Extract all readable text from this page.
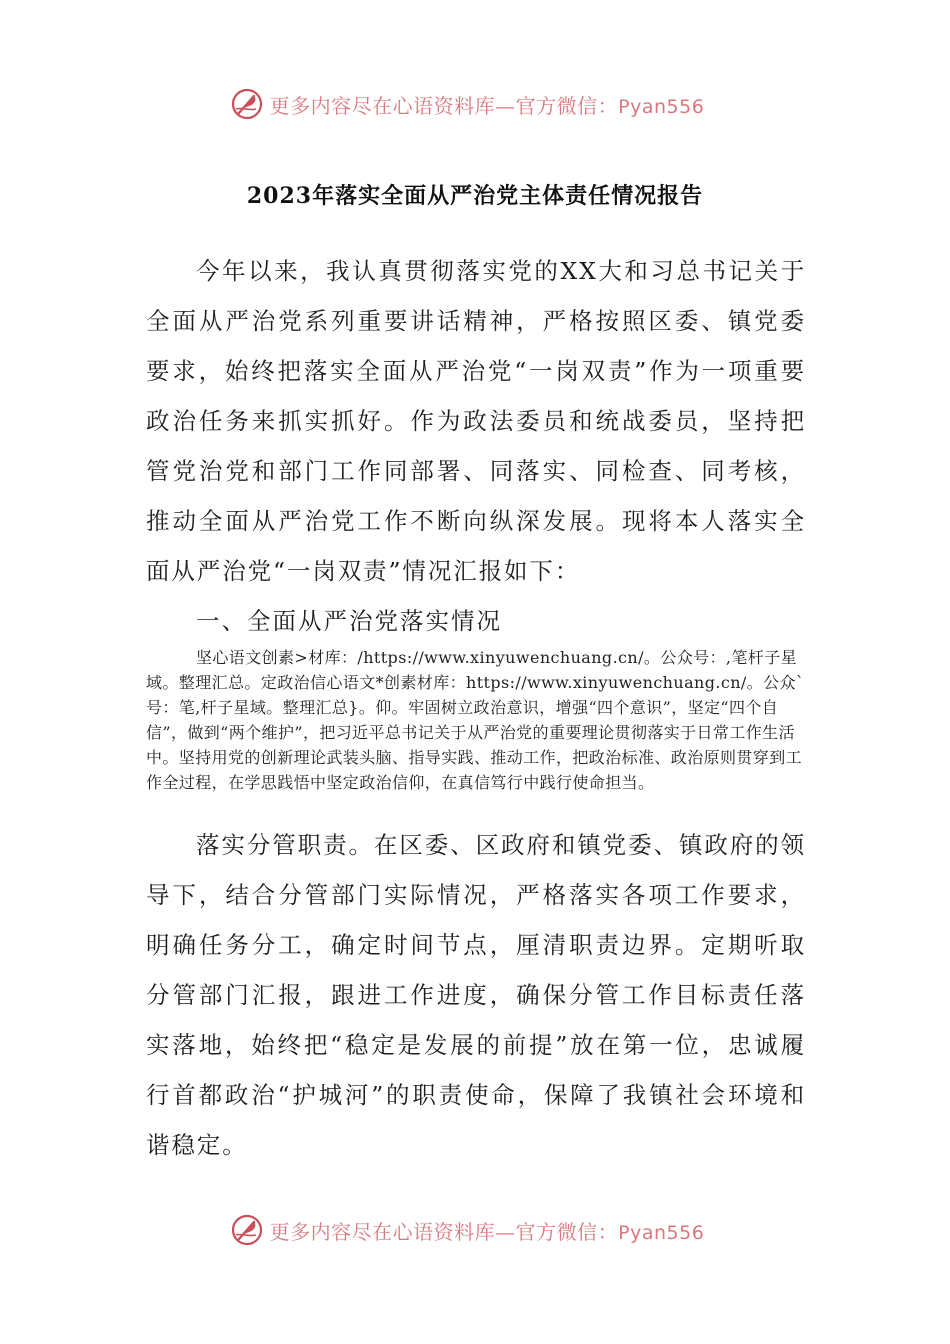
更多内容尽在心语资料库—官方微信：Pyan556
2023年落实全面从严治党主体责任情况报告

今年以来，我认真贯彻落实党的XX大和习总书记关于全面从严治党系列重要讲话精神，严格按照区委、镇党委要求，始终把落实全面从严治党“一岗双责”作为一项重要政治任务来抓实抓好。作为政法委员和统战委员，坚持把管党治党和部门工作同部署、同落实、同检查、同考核，推动全面从严治党工作不断向纵深发展。现将本人落实全面从严治党“一岗双责”情况汇报如下：

一、全面从严治党落实情况

坚心语文创素>材库：/https://www.xinyuwenchuang.cn/。公众号：,笔杆子星域。整理汇总。定政治信心语文*创素材库：https://www.xinyuwenchuang.cn/。公众`号：笔,杆子星域。整理汇总}。仰。牢固树立政治意识，增强“四个意识”，坚定“四个自信”，做到“两个维护”，把习近平总书记关于从严治党的重要理论贯彻落实于日常工作生活中。坚持用党的创新理论武装头脑、指导实践、推动工作，把政治标准、政治原则贯穿到工作全过程，在学思践悟中坚定政治信仰，在真信笃行中践行使命担当。

落实分管职责。在区委、区政府和镇党委、镇政府的领导下，结合分管部门实际情况，严格落实各项工作要求，明确任务分工，确定时间节点，厘清职责边界。定期听取分管部门汇报，跟进工作进度，确保分管工作目标责任落实落地，始终把“稳定是发展的前提”放在第一位，忠诚履行首都政治“护城河”的职责使命，保障了我镇社会环境和谐稳定。

更多内容尽在心语资料库—官方微信：Pyan556
